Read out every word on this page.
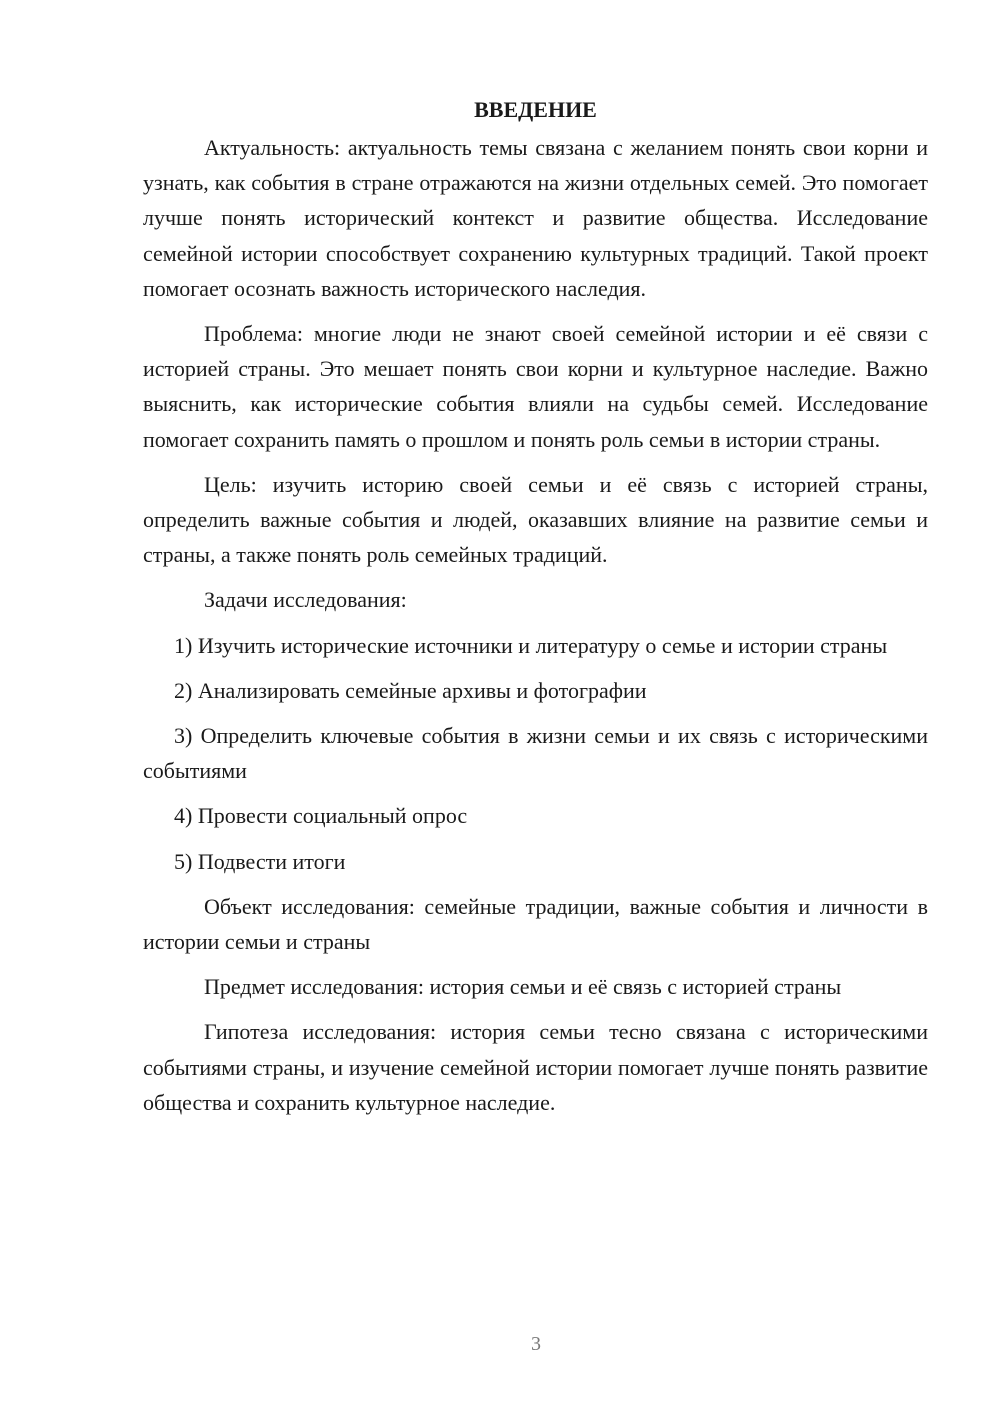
ВВЕДЕНИЕ

Актуальность: актуальность темы связана с желанием понять свои корни и узнать, как события в стране отражаются на жизни отдельных семей. Это помогает лучше понять исторический контекст и развитие общества. Исследование семейной истории способствует сохранению культурных традиций. Такой проект помогает осознать важность исторического наследия.

Проблема: многие люди не знают своей семейной истории и её связи с историей страны. Это мешает понять свои корни и культурное наследие. Важно выяснить, как исторические события влияли на судьбы семей. Исследование помогает сохранить память о прошлом и понять роль семьи в истории страны.

Цель: изучить историю своей семьи и её связь с историей страны, определить важные события и людей, оказавших влияние на развитие семьи и страны, а также понять роль семейных традиций.

Задачи исследования:

1) Изучить исторические источники и литературу о семье и истории страны

2) Анализировать семейные архивы и фотографии

3) Определить ключевые события в жизни семьи и их связь с историческими событиями

4) Провести социальный опрос

5) Подвести итоги

Объект исследования: семейные традиции, важные события и личности в истории семьи и страны

Предмет исследования: история семьи и её связь с историей страны

Гипотеза исследования: история семьи тесно связана с историческими событиями страны, и изучение семейной истории помогает лучше понять развитие общества и сохранить культурное наследие.

3
